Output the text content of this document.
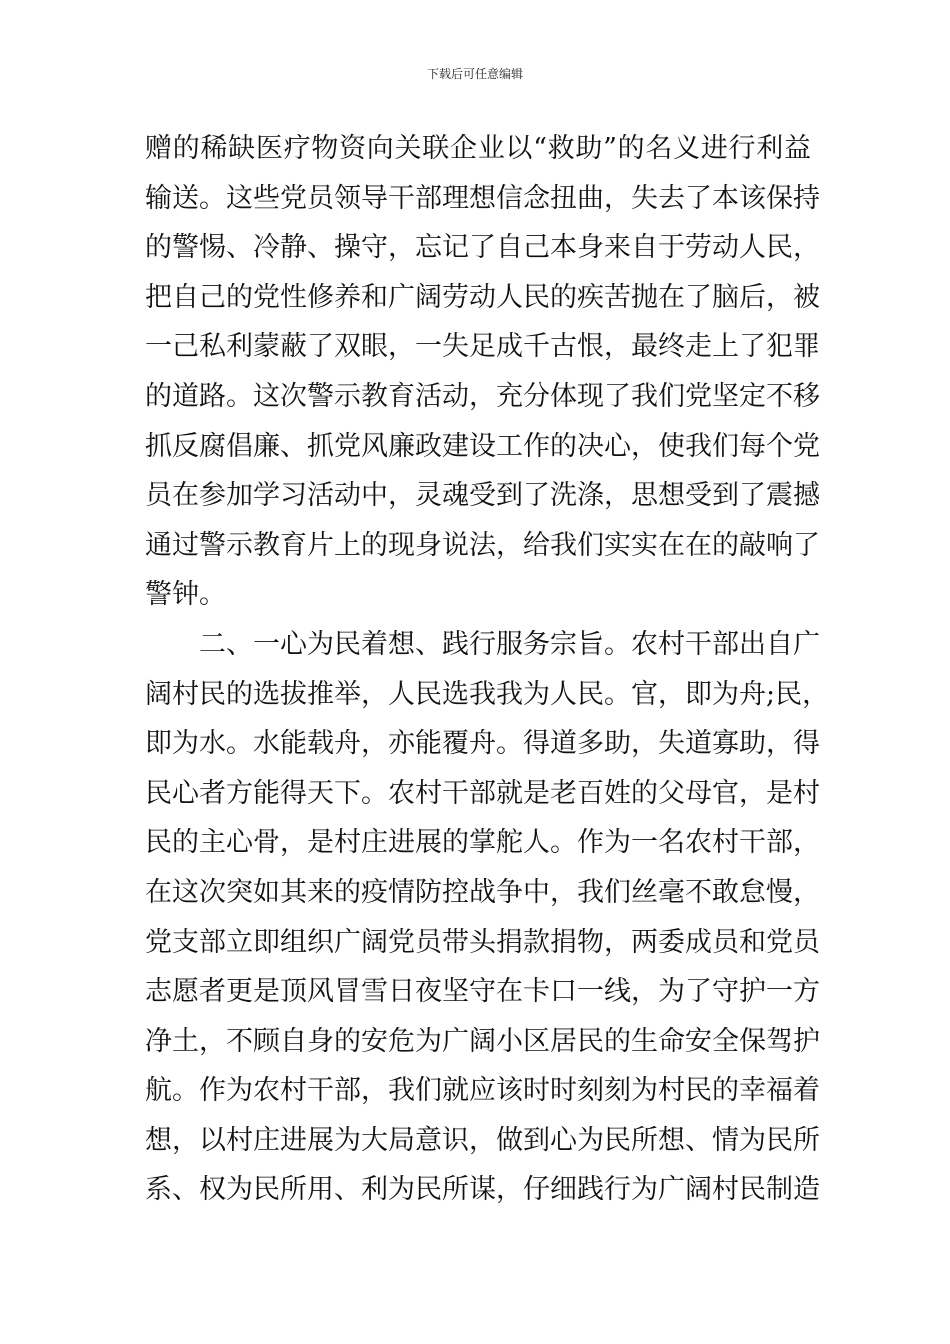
下载后可任意编辑
赠的稀缺医疗物资向关联企业以“救助”的名义进行利益
输送。这些党员领导干部理想信念扭曲，失去了本该保持
的警惕、冷静、操守，忘记了自己本身来自于劳动人民，
把自己的党性修养和广阔劳动人民的疾苦抛在了脑后，被
一己私利蒙蔽了双眼，一失足成千古恨，最终走上了犯罪
的道路。这次警示教育活动，充分体现了我们党坚定不移
抓反腐倡廉、抓党风廉政建设工作的决心，使我们每个党
员在参加学习活动中，灵魂受到了洗涤，思想受到了震撼
通过警示教育片上的现身说法，给我们实实在在的敲响了
警钟。
二、一心为民着想、践行服务宗旨。农村干部出自广
阔村民的选拔推举，人民选我我为人民。官，即为舟;民，
即为水。水能载舟，亦能覆舟。得道多助，失道寡助，得
民心者方能得天下。农村干部就是老百姓的父母官，是村
民的主心骨，是村庄进展的掌舵人。作为一名农村干部，
在这次突如其来的疫情防控战争中，我们丝毫不敢怠慢，
党支部立即组织广阔党员带头捐款捐物，两委成员和党员
志愿者更是顶风冒雪日夜坚守在卡口一线，为了守护一方
净土，不顾自身的安危为广阔小区居民的生命安全保驾护
航。作为农村干部，我们就应该时时刻刻为村民的幸福着
想，以村庄进展为大局意识，做到心为民所想、情为民所
系、权为民所用、利为民所谋，仔细践行为广阔村民制造
